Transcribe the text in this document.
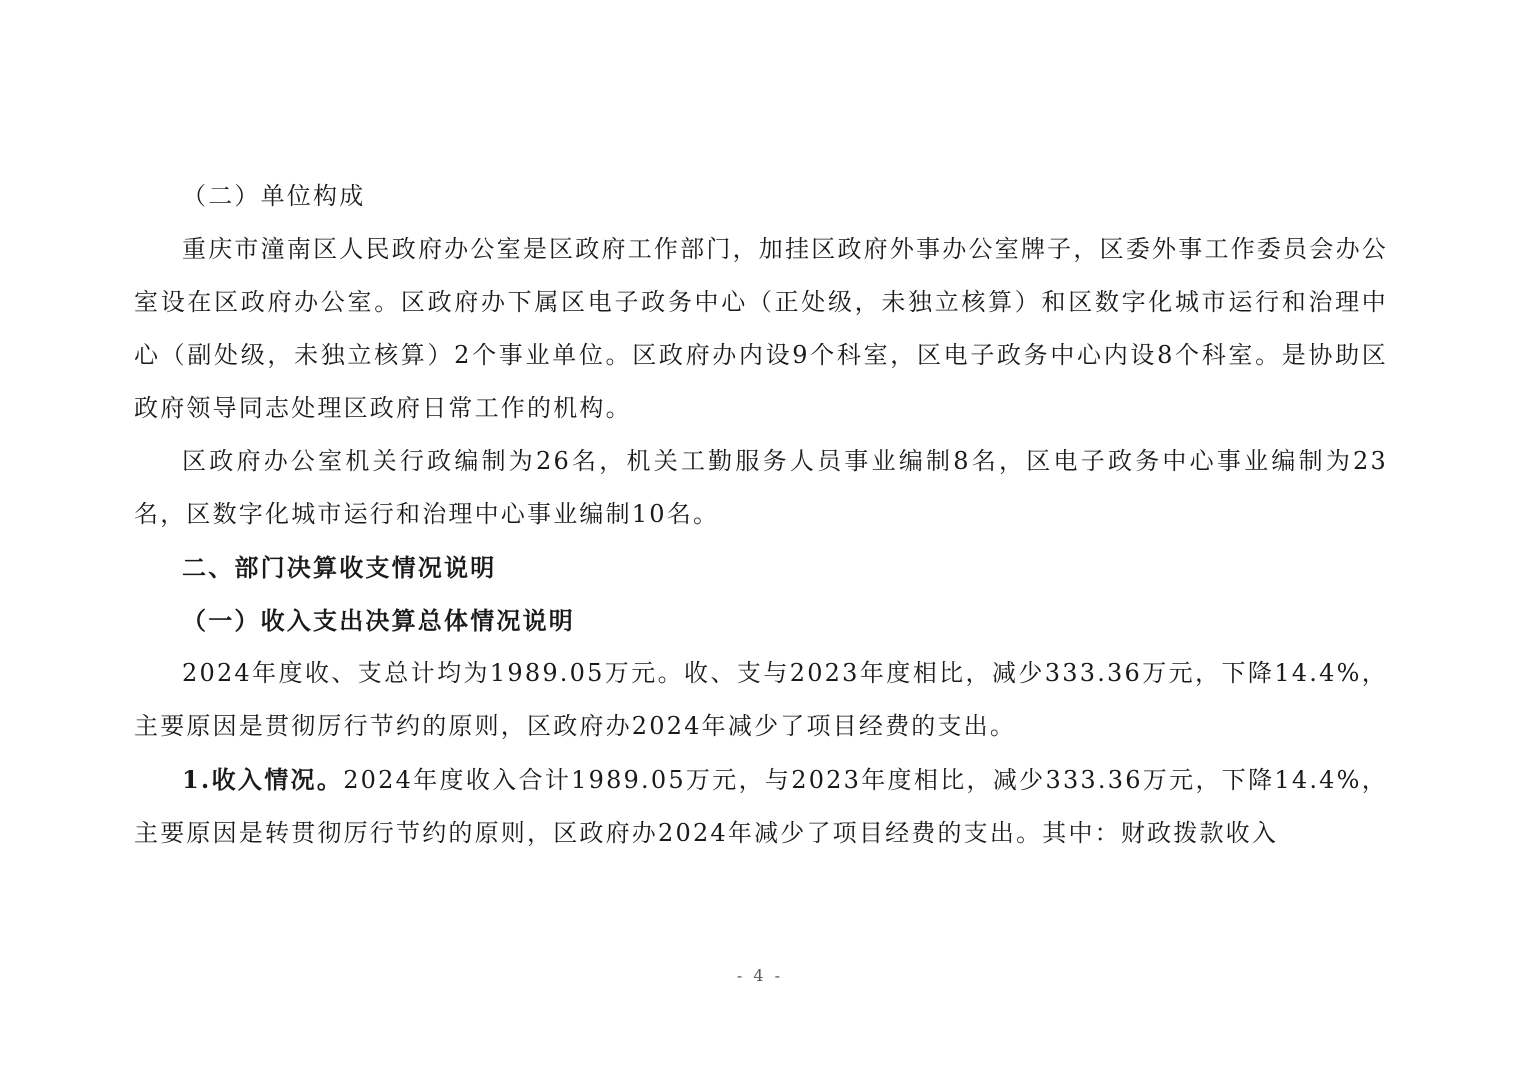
（二）单位构成

重庆市潼南区人民政府办公室是区政府工作部门，加挂区政府外事办公室牌子，区委外事工作委员会办公室设在区政府办公室。区政府办下属区电子政务中心（正处级，未独立核算）和区数字化城市运行和治理中心（副处级，未独立核算）2个事业单位。区政府办内设9个科室，区电子政务中心内设8个科室。是协助区政府领导同志处理区政府日常工作的机构。

区政府办公室机关行政编制为26名，机关工勤服务人员事业编制8名，区电子政务中心事业编制为23名，区数字化城市运行和治理中心事业编制10名。

二、部门决算收支情况说明

（一）收入支出决算总体情况说明

2024年度收、支总计均为1989.05万元。收、支与2023年度相比，减少333.36万元，下降14.4%，主要原因是贯彻厉行节约的原则，区政府办2024年减少了项目经费的支出。

1.收入情况。2024年度收入合计1989.05万元，与2023年度相比，减少333.36万元，下降14.4%，主要原因是转贯彻厉行节约的原则，区政府办2024年减少了项目经费的支出。其中：财政拨款收入

- 4 -
